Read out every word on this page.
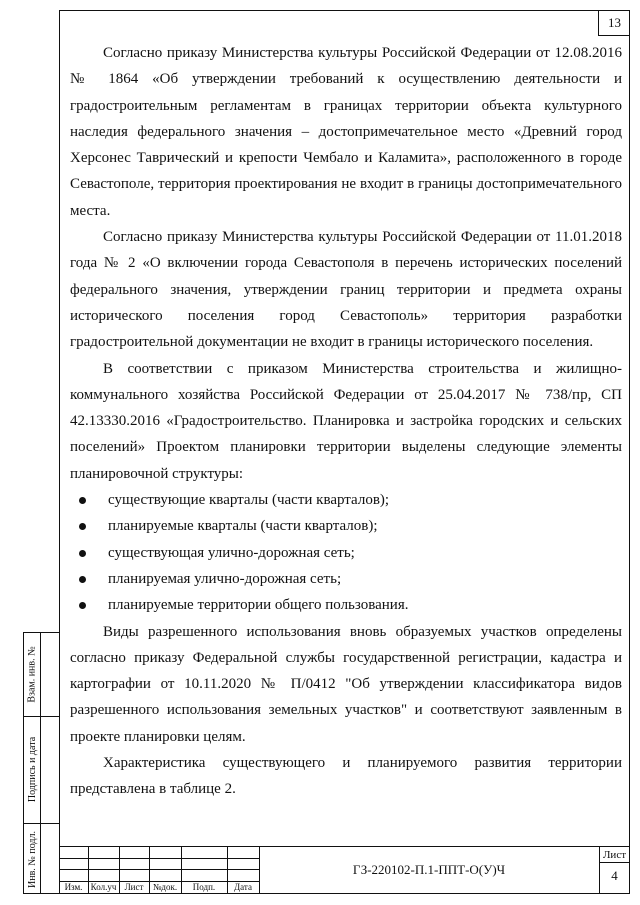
13

Согласно приказу Министерства культуры Российской Федерации от 12.08.2016 № 1864 «Об утверждении требований к осуществлению деятельности и градостроительным регламентам в границах территории объекта культурного наследия федерального значения – достопримечательное место «Древний город Херсонес Таврический и крепости Чембало и Каламита», расположенного в городе Севастополе, территория проектирования не входит в границы достопримечательного места.

Согласно приказу Министерства культуры Российской Федерации от 11.01.2018 года № 2 «О включении города Севастополя в перечень исторических поселений федерального значения, утверждении границ территории и предмета охраны исторического поселения город Севастополь» территория разработки градостроительной документации не входит в границы исторического поселения.

В соответствии с приказом Министерства строительства и жилищно-коммунального хозяйства Российской Федерации от 25.04.2017 № 738/пр, СП 42.13330.2016 «Градостроительство. Планировка и застройка городских и сельских поселений» Проектом планировки территории выделены следующие элементы планировочной структуры:

существующие кварталы (части кварталов);
планируемые кварталы (части кварталов);
существующая улично-дорожная сеть;
планируемая улично-дорожная сеть;
планируемые территории общего пользования.

Виды разрешенного использования вновь образуемых участков определены согласно приказу Федеральной службы государственной регистрации, кадастра и картографии от 10.11.2020 № П/0412 "Об утверждении классификатора видов разрешенного использования земельных участков" и соответствуют заявленным в проекте планировки целям.

Характеристика существующего и планируемого развития территории представлена в таблице 2.

Взам. инв. №
Подпись и дата
Инв. № подл.	Изм. Кол.уч Лист	№док.	Подп.	Дата
ГЗ-220102-П.1-ППТ-О(У)Ч
Лист
4
